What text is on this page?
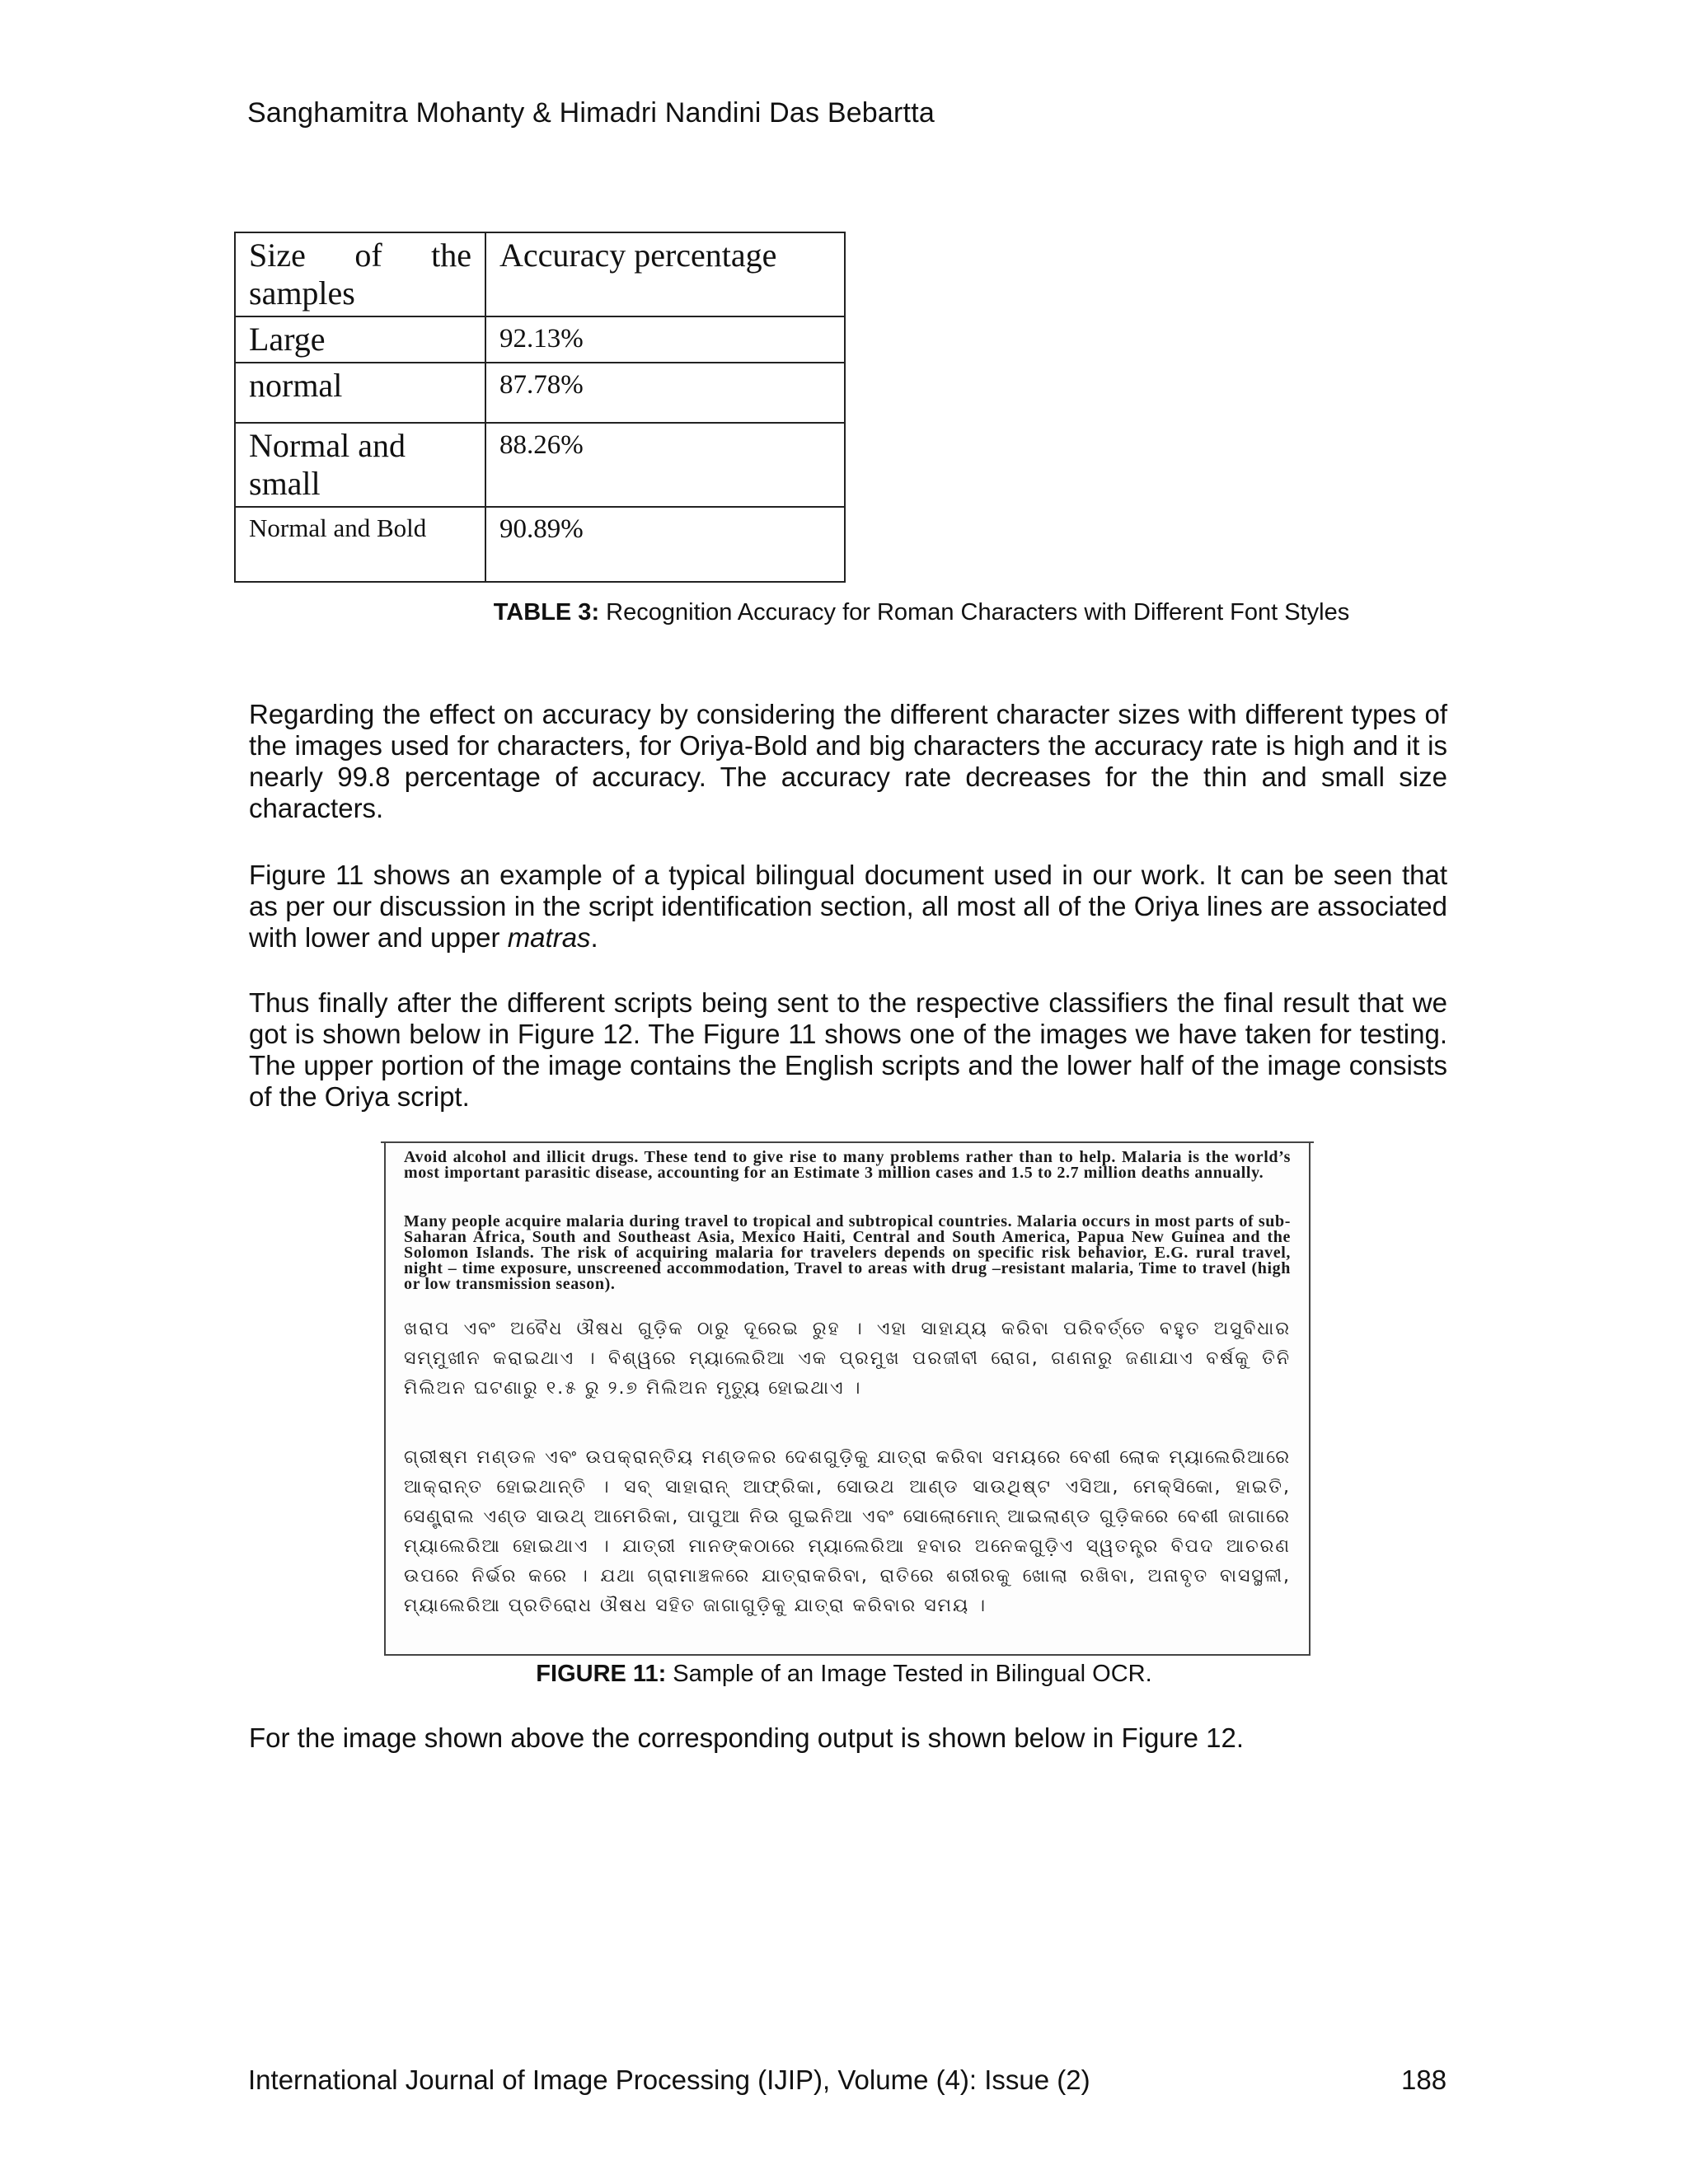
Sanghamitra Mohanty & Himadri Nandini Das Bebartta
Size of the
samples	Accuracy percentage
Large	92.13%
normal	87.78%
Normal and small	88.26%
Normal and Bold	90.89%
TABLE 3: Recognition Accuracy for Roman Characters with Different Font Styles

Regarding the effect on accuracy by considering the different character sizes with different types of the images used for characters, for Oriya-Bold and big characters the accuracy rate is high and it is nearly 99.8 percentage of accuracy. The accuracy rate decreases for the thin and small size characters.

Figure 11 shows an example of a typical bilingual document used in our work. It can be seen that as per our discussion in the script identification section, all most all of the Oriya lines are associated with lower and upper matras.

Thus finally after the different scripts being sent to the respective classifiers the final result that we got is shown below in Figure 12. The Figure 11 shows one of the images we have taken for testing. The upper portion of the image contains the English scripts and the lower half of the image consists of the Oriya script.

Avoid alcohol and illicit drugs. These tend to give rise to many problems rather than to help. Malaria is the world’s most important parasitic disease, accounting for an Estimate 3 million cases and 1.5 to 2.7 million deaths annually.

Many people acquire malaria during travel to tropical and subtropical countries. Malaria occurs in most parts of sub-Saharan Africa, South and Southeast Asia, Mexico Haiti, Central and South America, Papua New Guinea and the Solomon Islands. The risk of acquiring malaria for travelers depends on specific risk behavior, E.G. rural travel, night – time exposure, unscreened accommodation, Travel to areas with drug –resistant malaria, Time to travel (high or low transmission season).

ଖରାପ ଏବଂ ଅବୈଧ ଔଷଧ ଗୁଡ଼ିକ ଠାରୁ ଦୂରେଇ ରୁହ । ଏହା ସାହାଯ୍ୟ କରିବା ପରିବର୍ତ୍ତେ ବହୁତ ଅସୁବିଧାର ସମ୍ମୁଖୀନ କରାଇଥାଏ । ବିଶ୍ୱରେ ମ୍ୟାଲେରିଆ ଏକ ପ୍ରମୁଖ ପରଜୀବୀ ରୋଗ, ଗଣନାରୁ ଜଣାଯାଏ ବର୍ଷକୁ ତିନି ମିଲିଅନ ଘଟଣାରୁ ୧.୫ ରୁ ୨.୭ ମିଲିଅନ ମୃତ୍ୟୁ ହୋଇଥାଏ ।

ଗ୍ରୀଷ୍ମ ମଣ୍ଡଳ ଏବଂ ଉପକ୍ରାନ୍ତିୟ ମଣ୍ଡଳର ଦେଶଗୁଡ଼ିକୁ ଯାତ୍ରା କରିବା ସମୟରେ ବେଶୀ ଲୋକ ମ୍ୟାଲେରିଆରେ ଆକ୍ରାନ୍ତ ହୋଇଥାନ୍ତି । ସବ୍ ସାହାରାନ୍ ଆଫ୍ରିକା, ସୋଉଥ ଆଣ୍ଡ ସାଉଥିଷ୍ଟ ଏସିଆ, ମେକ୍ସିକୋ, ହାଇତି, ସେଣ୍ଟ୍ରାଲ ଏଣ୍ଡ ସାଉଥ୍ ଆମେରିକା, ପାପୁଆ ନିଉ ଗୁଇନିଆ ଏବଂ ସୋଲୋମୋନ୍ ଆଇଲାଣ୍ଡ ଗୁଡ଼ିକରେ ବେଶୀ ଜାଗାରେ ମ୍ୟାଲେରିଆ ହୋଇଥାଏ । ଯାତ୍ରୀ ମାନଙ୍କଠାରେ ମ୍ୟାଲେରିଆ ହବାର ଅନେକଗୁଡ଼ିଏ ସ୍ୱତନ୍ତ୍ର ବିପଦ ଆଚରଣ ଉପରେ ନିର୍ଭର କରେ । ଯଥା ଗ୍ରାମାଞ୍ଚଳରେ ଯାତ୍ରାକରିବା, ରାତିରେ ଶରୀରକୁ ଖୋଲା ରଖିବା, ଅନାବୃତ ବାସସ୍ଥଳୀ, ମ୍ୟାଲେରିଆ ପ୍ରତିରୋଧ ଔଷଧ ସହିତ ଜାଗାଗୁଡ଼ିକୁ ଯାତ୍ରା କରିବାର ସମୟ ।

FIGURE 11: Sample of an Image Tested in Bilingual OCR.

For the image shown above the corresponding output is shown below in Figure 12.

International Journal of Image Processing (IJIP), Volume (4): Issue (2)	188
